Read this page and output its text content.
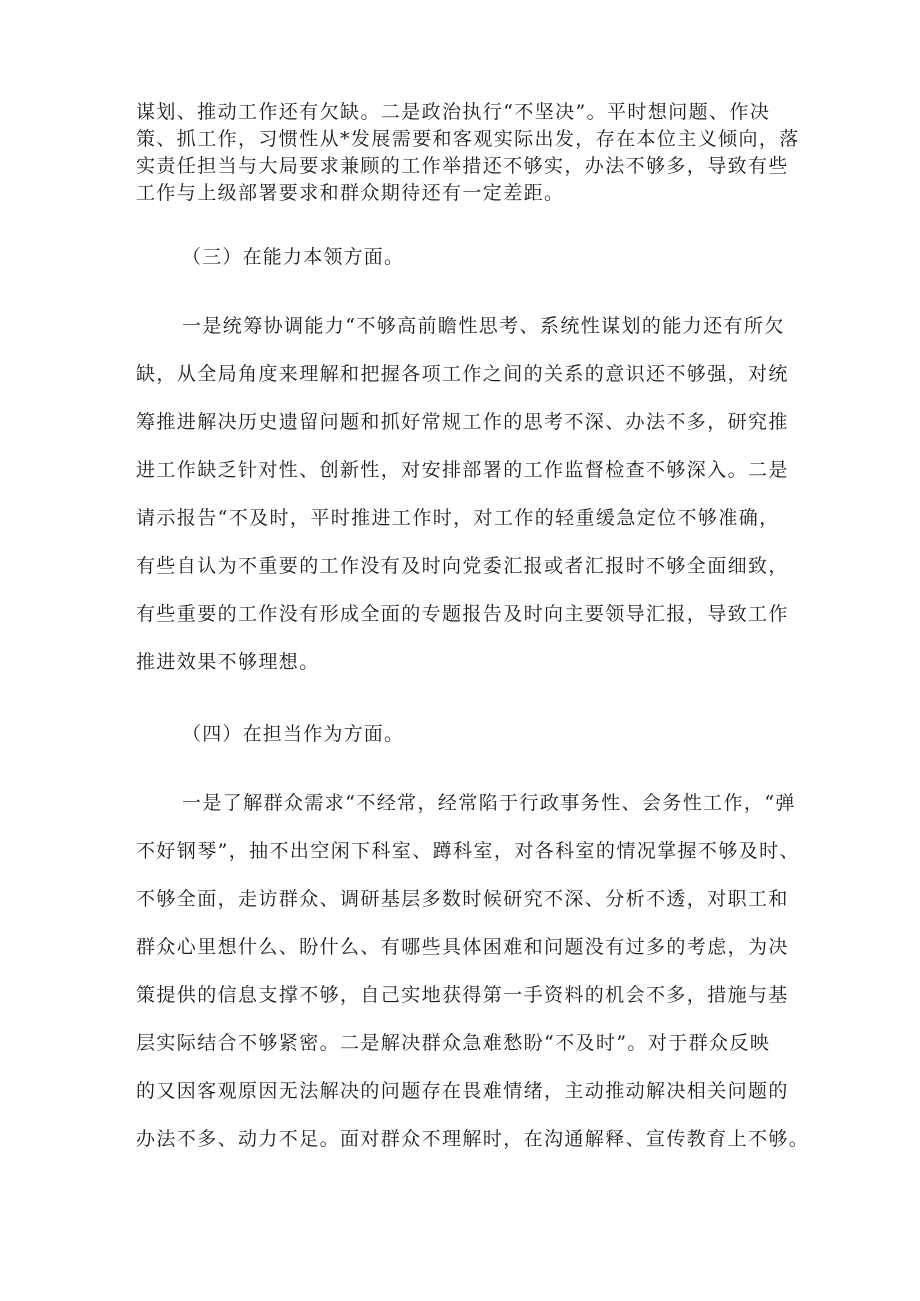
谋划、推动工作还有欠缺。二是政治执行“不坚决”。平时想问题、作决
策、抓工作，习惯性从*发展需要和客观实际出发，存在本位主义倾向，落
实责任担当与大局要求兼顾的工作举措还不够实，办法不够多，导致有些
工作与上级部署要求和群众期待还有一定差距。
（三）在能力本领方面。
一是统筹协调能力“不够高前瞻性思考、系统性谋划的能力还有所欠
缺，从全局角度来理解和把握各项工作之间的关系的意识还不够强，对统
筹推进解决历史遗留问题和抓好常规工作的思考不深、办法不多，研究推
进工作缺乏针对性、创新性，对安排部署的工作监督检查不够深入。二是
请示报告“不及时，平时推进工作时，对工作的轻重缓急定位不够准确，
有些自认为不重要的工作没有及时向党委汇报或者汇报时不够全面细致，
有些重要的工作没有形成全面的专题报告及时向主要领导汇报，导致工作
推进效果不够理想。
（四）在担当作为方面。
一是了解群众需求“不经常，经常陷于行政事务性、会务性工作，“弹
不好钢琴”，抽不出空闲下科室、蹲科室，对各科室的情况掌握不够及时、
不够全面，走访群众、调研基层多数时候研究不深、分析不透，对职工和
群众心里想什么、盼什么、有哪些具体困难和问题没有过多的考虑，为决
策提供的信息支撑不够，自己实地获得第一手资料的机会不多，措施与基
层实际结合不够紧密。二是解决群众急难愁盼“不及时”。对于群众反映
的又因客观原因无法解决的问题存在畏难情绪，主动推动解决相关问题的
办法不多、动力不足。面对群众不理解时，在沟通解释、宣传教育上不够。
